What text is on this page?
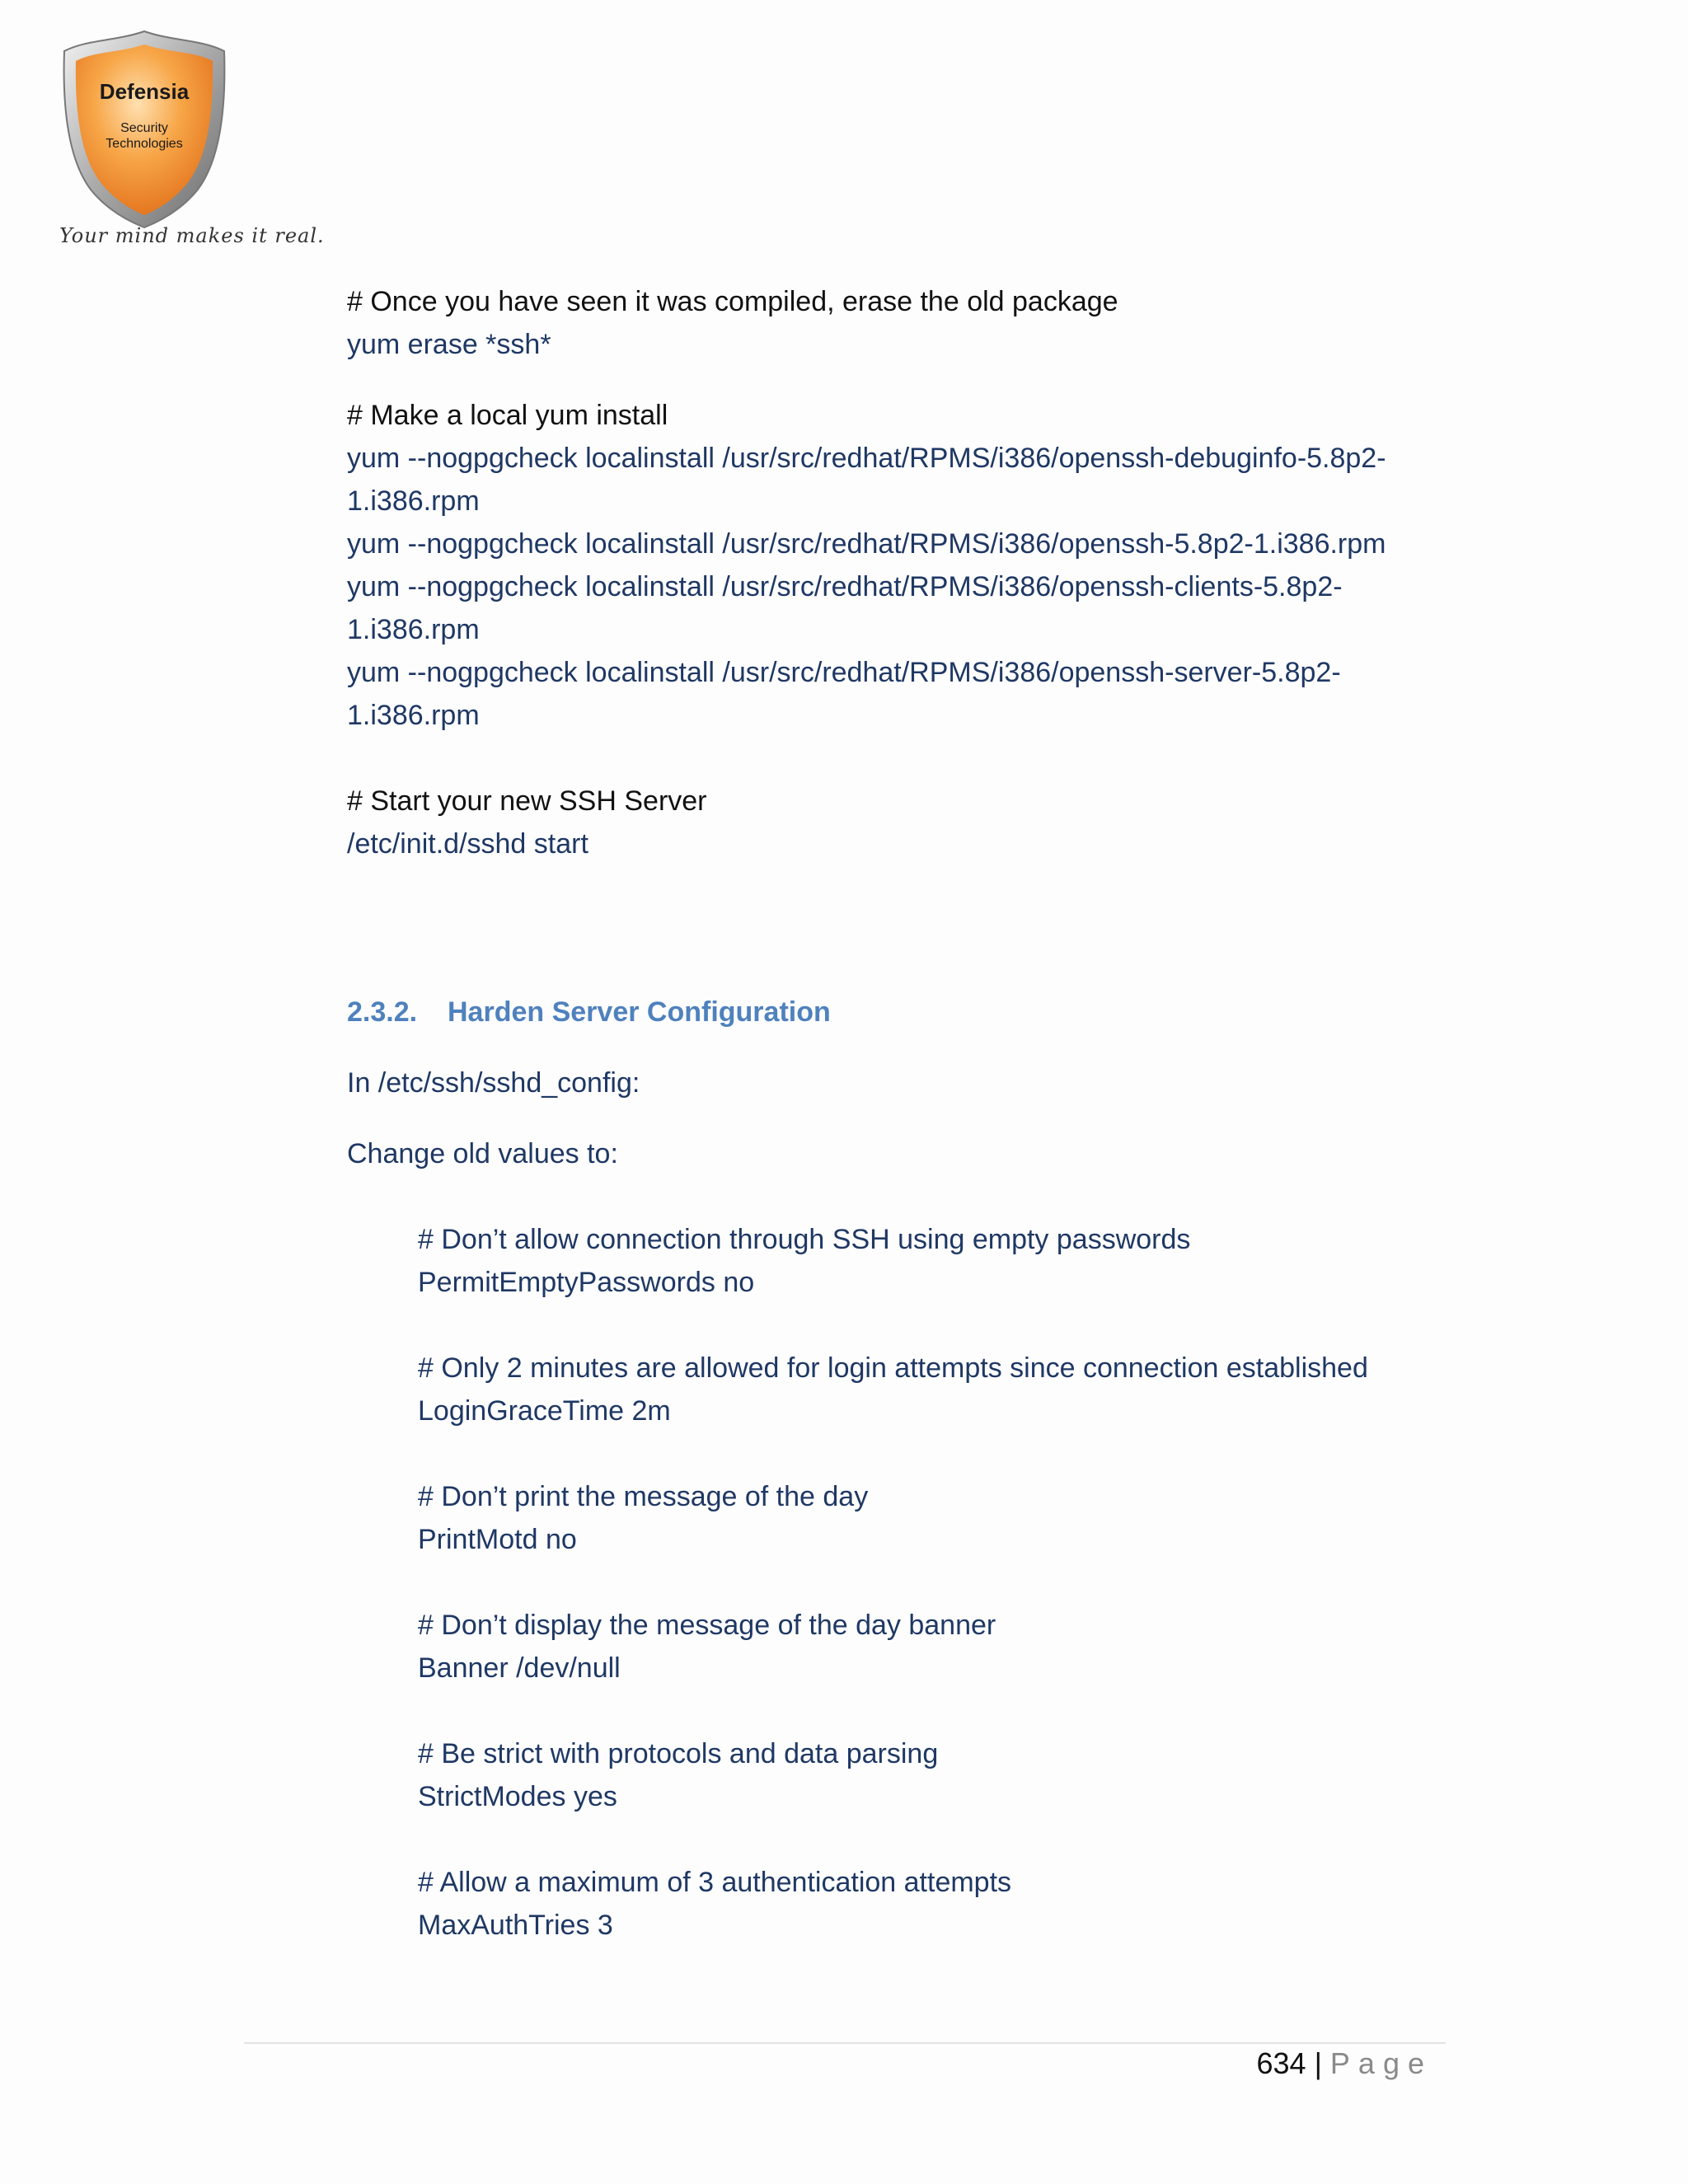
Defensia
Security
Technologies
Your mind makes it real.
# Once you have seen it was compiled, erase the old package
yum erase *ssh*
# Make a local yum install
yum --nogpgcheck localinstall /usr/src/redhat/RPMS/i386/openssh-debuginfo-5.8p2-1.i386.rpm
yum --nogpgcheck localinstall /usr/src/redhat/RPMS/i386/openssh-5.8p2-1.i386.rpm
yum --nogpgcheck localinstall /usr/src/redhat/RPMS/i386/openssh-clients-5.8p2-1.i386.rpm
yum --nogpgcheck localinstall /usr/src/redhat/RPMS/i386/openssh-server-5.8p2-1.i386.rpm
# Start your new SSH Server
/etc/init.d/sshd start
2.3.2. Harden Server Configuration
In /etc/ssh/sshd_config:
Change old values to:
# Don’t allow connection through SSH using empty passwords
PermitEmptyPasswords no
# Only 2 minutes are allowed for login attempts since connection established
LoginGraceTime 2m
# Don’t print the message of the day
PrintMotd no
# Don’t display the message of the day banner
Banner /dev/null
# Be strict with protocols and data parsing
StrictModes yes
# Allow a maximum of 3 authentication attempts
MaxAuthTries 3
634 | Page
